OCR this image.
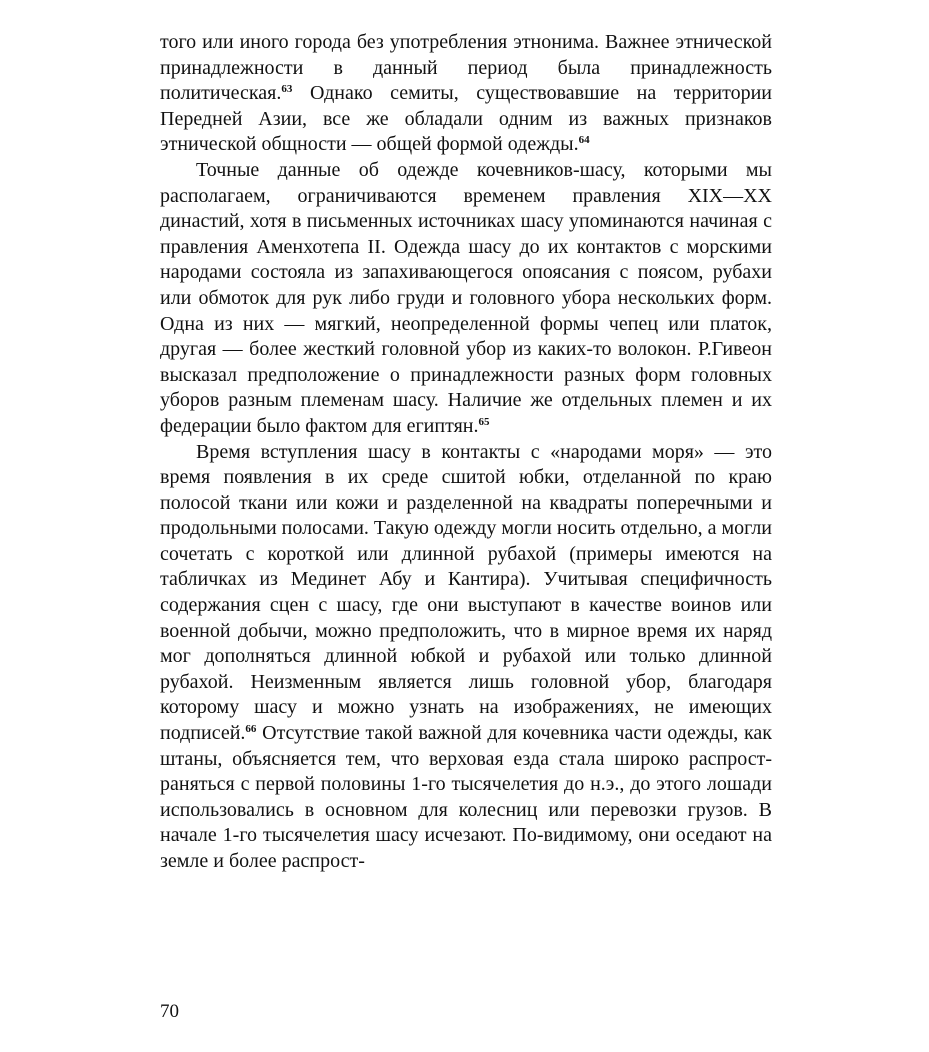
того или иного города без употребления этнонима. Важнее этнической принадлежности в данный период была принадлежность политическая.$^{63}$ Однако семиты, существовавшие на территории Передней Азии, все же обладали одним из важных признаков этнической общности — общей формой одежды.$^{64}$

Точные данные об одежде кочевников-шасу, которыми мы располагаем, ограничиваются временем правления XIX—XX династий, хотя в письменных источниках шасу упоминаются начиная с правления Аменхотепа II. Одежда шасу до их контактов с морскими народами состояла из запахивающегося опоясания с поясом, рубахи или обмоток для рук либо груди и головного убора нескольких форм. Одна из них — мягкий, неопределенной формы чепец или платок, другая — более жесткий головной убор из каких-то волокон. Р.Гивеон высказал предположение о принадлежности разных форм головных уборов разным племенам шасу. Наличие же отдельных племен и их федерации было фактом для египтян.$^{65}$

Время вступления шасу в контакты с «народами моря» — это время появления в их среде сшитой юбки, отделанной по краю полосой ткани или кожи и разделенной на квадраты поперечными и продольными полосами. Такую одежду могли носить отдельно, а могли сочетать с короткой или длинной рубахой (примеры имеются на табличках из Мединет Абу и Кантира). Учитывая специфичность содержания сцен с шасу, где они выступают в качестве воинов или военной добычи, можно предположить, что в мирное время их наряд мог дополняться длинной юбкой и рубахой или только длинной рубахой. Неизменным является лишь головной убор, благодаря которому шасу и можно узнать на изображениях, не имеющих подписей.$^{66}$ Отсутствие такой важной для кочевника части одежды, как штаны, объясняется тем, что верховая езда стала широко распространяться с первой половины 1-го тысячелетия до н.э., до этого лошади использовались в основном для колесниц или перевозки грузов. В начале 1-го тысячелетия шасу исчезают. По-видимому, они оседают на земле и более распрост-

70
